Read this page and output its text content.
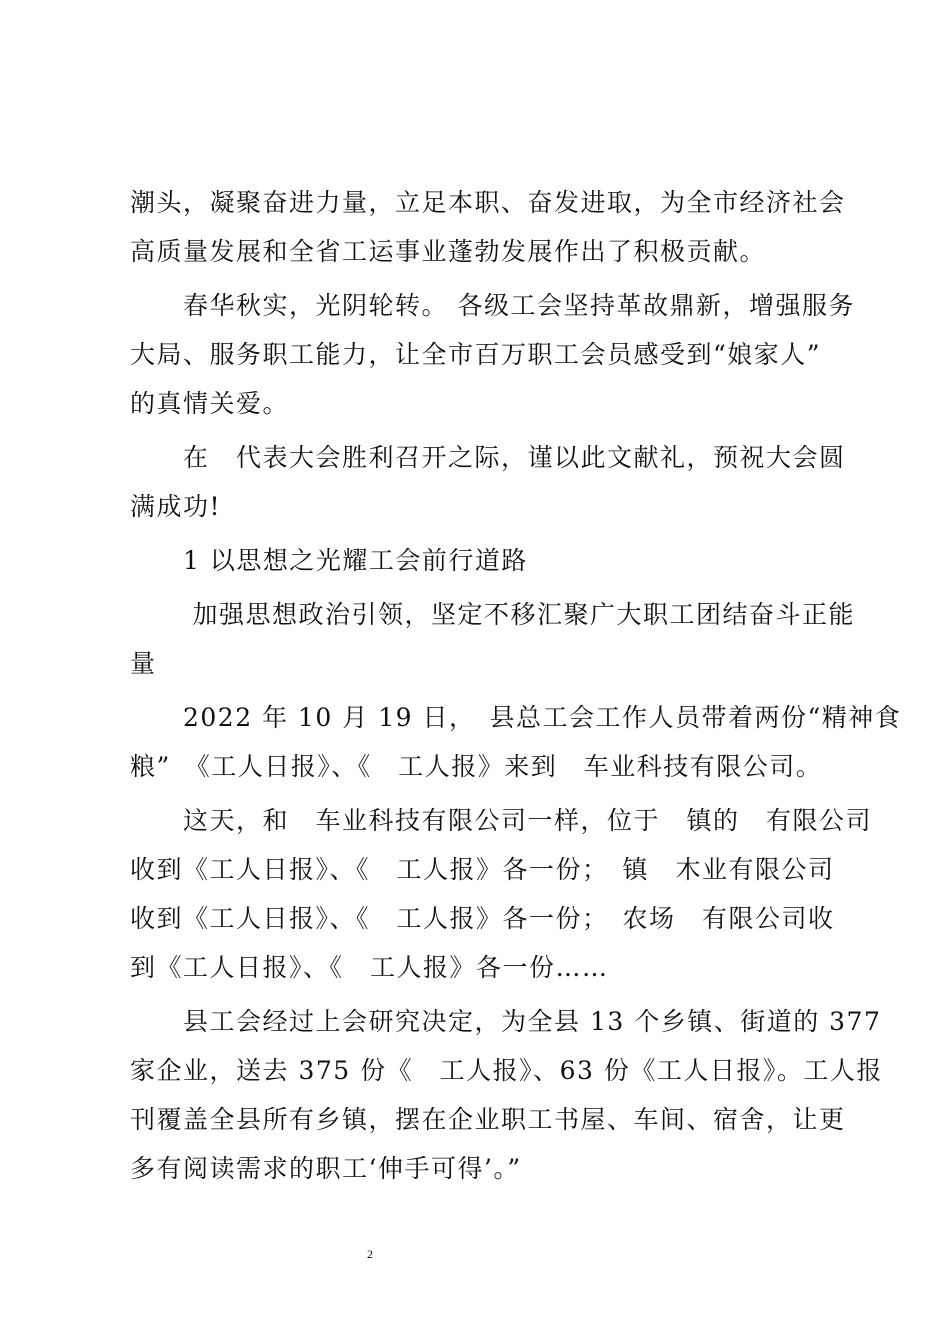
潮头，凝聚奋进力量，立足本职、奋发进取，为全市经济社会
高质量发展和全省工运事业蓬勃发展作出了积极贡献。

　　春华秋实，光阴轮转。 各级工会坚持革故鼎新，增强服务
大局、服务职工能力，让全市百万职工会员感受到“娘家人”
的真情关爱。

　　在　代表大会胜利召开之际，谨以此文献礼，预祝大会圆
满成功!

　　1 以思想之光耀工会前行道路

　　 加强思想政治引领，坚定不移汇聚广大职工团结奋斗正能
量

　　2022 年 10 月 19 日，　县总工会工作人员带着两份“精神食
粮”　《工人日报》、《　工人报》来到　车业科技有限公司。

　　这天，和　车业科技有限公司一样，位于　镇的　有限公司
收到《工人日报》、《　工人报》各一份；　镇　木业有限公司
收到《工人日报》、《　工人报》各一份；　农场　有限公司收
到《工人日报》、《　工人报》各一份……

　　县工会经过上会研究决定，为全县 13 个乡镇、街道的 377
家企业，送去 375 份《　工人报》、63 份《工人日报》。工人报
刊覆盖全县所有乡镇，摆在企业职工书屋、车间、宿舍，让更
多有阅读需求的职工‘伸手可得’。”

2
